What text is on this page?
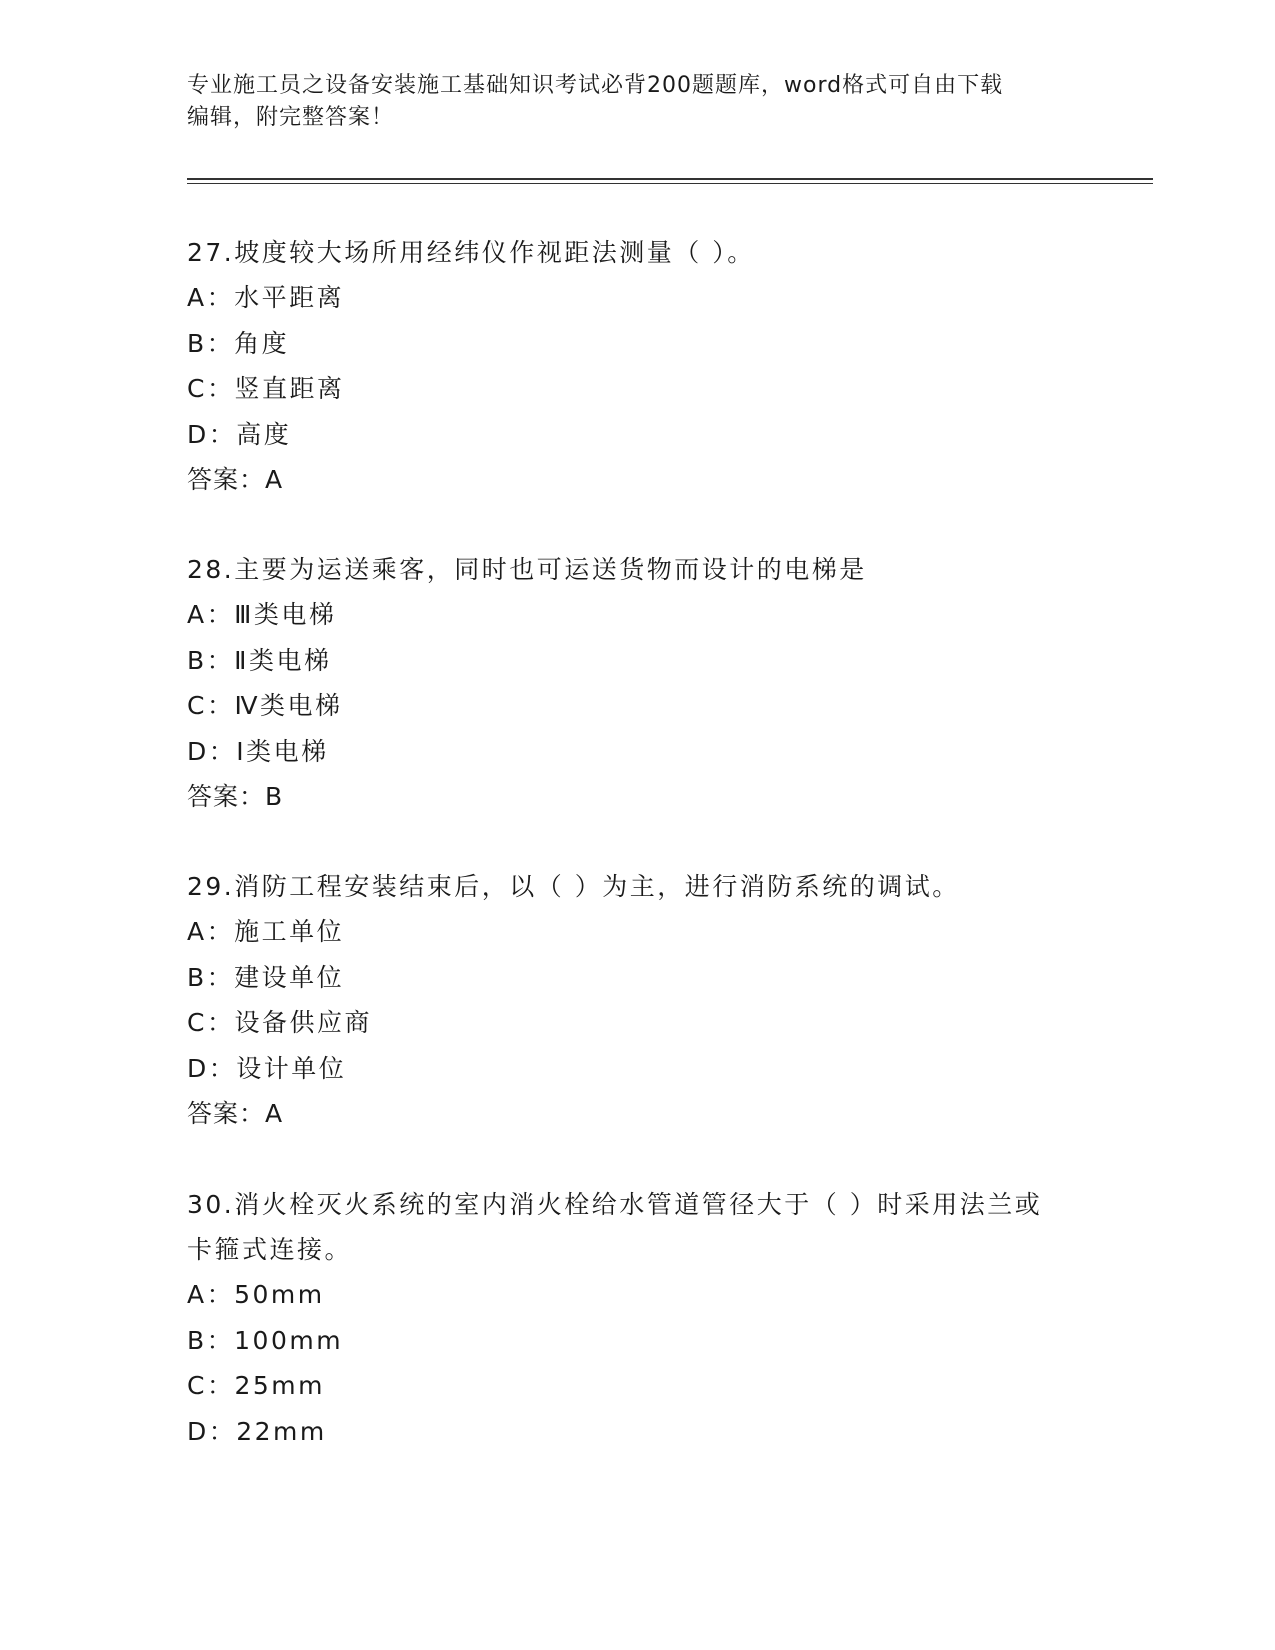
专业施工员之设备安装施工基础知识考试必背200题题库，word格式可自由下载
编辑，附完整答案！
27.坡度较大场所用经纬仪作视距法测量（ ）。
A：水平距离
B：角度
C：竖直距离
D：高度
答案：A
28.主要为运送乘客，同时也可运送货物而设计的电梯是
A：Ⅲ类电梯
B：Ⅱ类电梯
C：Ⅳ类电梯
D：Ⅰ类电梯
答案：B
29.消防工程安装结束后，以（ ）为主，进行消防系统的调试。
A：施工单位
B：建设单位
C：设备供应商
D：设计单位
答案：A
30.消火栓灭火系统的室内消火栓给水管道管径大于（ ）时采用法兰或卡箍式连接。
A：50mm
B：100mm
C：25mm
D：22mm
